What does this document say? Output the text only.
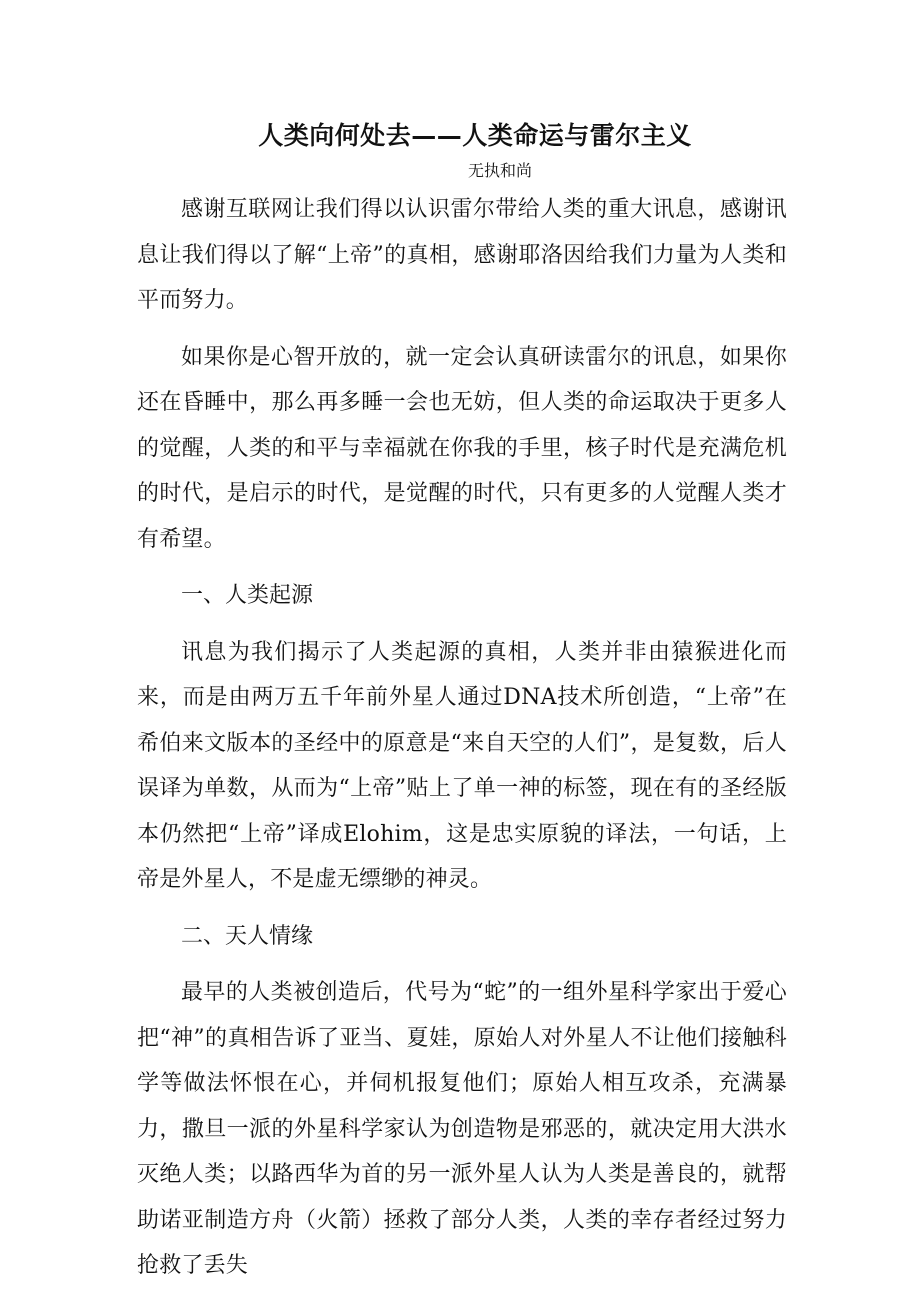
人类向何处去——人类命运与雷尔主义
无执和尚

感谢互联网让我们得以认识雷尔带给人类的重大讯息，感谢讯息让我们得以了解“上帝”的真相，感谢耶洛因给我们力量为人类和平而努力。

如果你是心智开放的，就一定会认真研读雷尔的讯息，如果你还在昏睡中，那么再多睡一会也无妨，但人类的命运取决于更多人的觉醒，人类的和平与幸福就在你我的手里，核子时代是充满危机的时代，是启示的时代，是觉醒的时代，只有更多的人觉醒人类才有希望。

一、人类起源

讯息为我们揭示了人类起源的真相，人类并非由猿猴进化而来，而是由两万五千年前外星人通过DNA技术所创造，“上帝”在希伯来文版本的圣经中的原意是“来自天空的人们”，是复数，后人误译为单数，从而为“上帝”贴上了单一神的标签，现在有的圣经版本仍然把“上帝”译成Elohim，这是忠实原貌的译法，一句话，上帝是外星人，不是虚无缥缈的神灵。

二、天人情缘

最早的人类被创造后，代号为“蛇”的一组外星科学家出于爱心把“神”的真相告诉了亚当、夏娃，原始人对外星人不让他们接触科学等做法怀恨在心，并伺机报复他们；原始人相互攻杀，充满暴力，撒旦一派的外星科学家认为创造物是邪恶的，就决定用大洪水灭绝人类；以路西华为首的另一派外星人认为人类是善良的，就帮助诺亚制造方舟（火箭）拯救了部分人类，人类的幸存者经过努力抢救了丢失
